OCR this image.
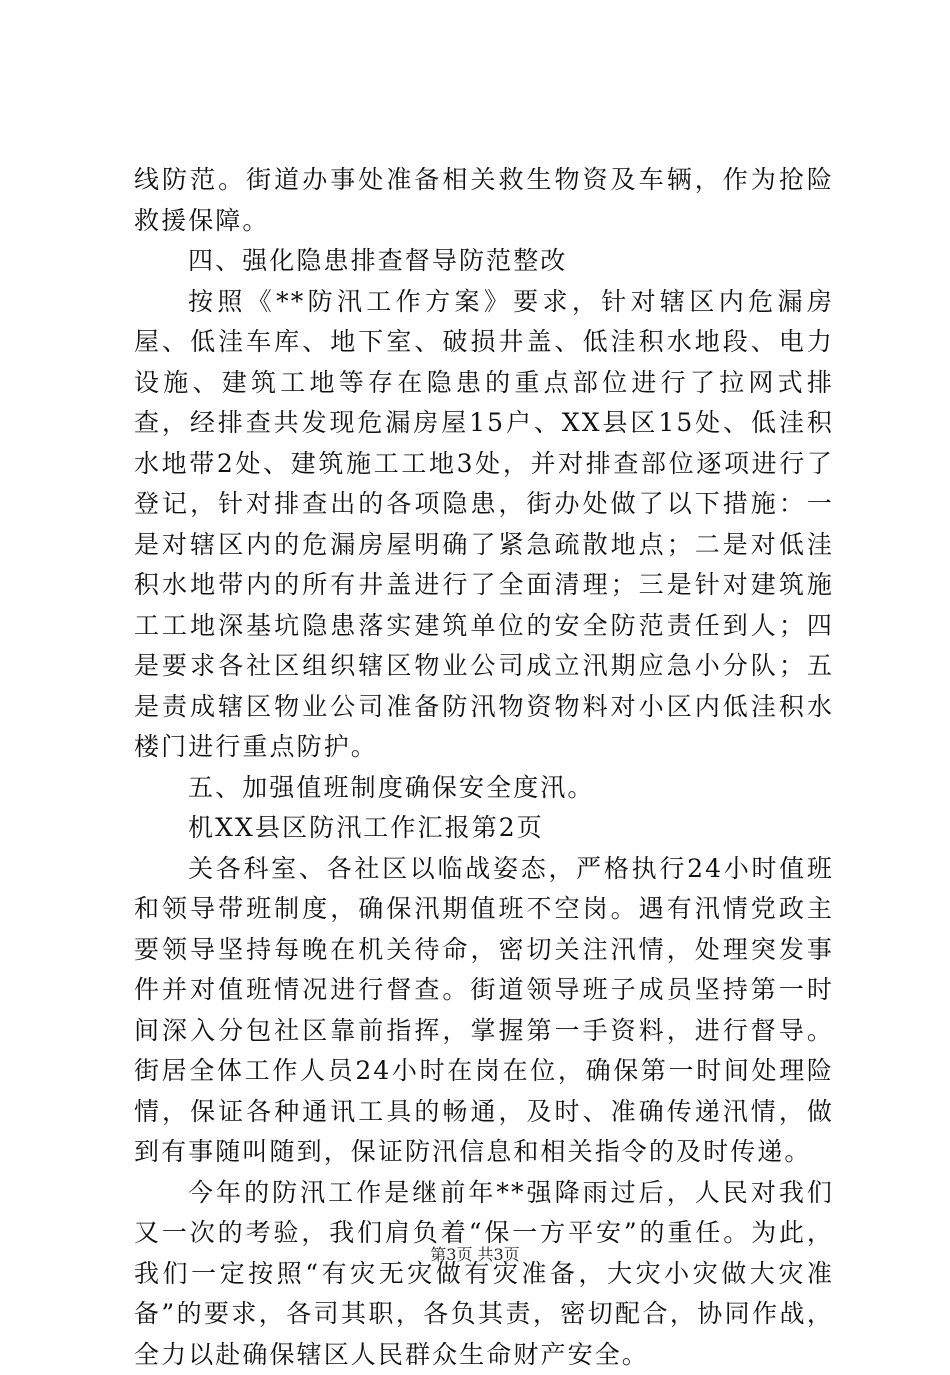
线防范。街道办事处准备相关救生物资及车辆，作为抢险救援保障。

四、强化隐患排查督导防范整改

按照《**防汛工作方案》要求，针对辖区内危漏房屋、低洼车库、地下室、破损井盖、低洼积水地段、电力设施、建筑工地等存在隐患的重点部位进行了拉网式排查，经排查共发现危漏房屋15户、XX县区15处、低洼积水地带2处、建筑施工工地3处，并对排查部位逐项进行了登记，针对排查出的各项隐患，街办处做了以下措施：一是对辖区内的危漏房屋明确了紧急疏散地点；二是对低洼积水地带内的所有井盖进行了全面清理；三是针对建筑施工工地深基坑隐患落实建筑单位的安全防范责任到人；四是要求各社区组织辖区物业公司成立汛期应急小分队；五是责成辖区物业公司准备防汛物资物料对小区内低洼积水楼门进行重点防护。

五、加强值班制度确保安全度汛。

机XX县区防汛工作汇报第2页

关各科室、各社区以临战姿态，严格执行24小时值班和领导带班制度，确保汛期值班不空岗。遇有汛情党政主要领导坚持每晚在机关待命，密切关注汛情，处理突发事件并对值班情况进行督查。街道领导班子成员坚持第一时间深入分包社区靠前指挥，掌握第一手资料，进行督导。街居全体工作人员24小时在岗在位，确保第一时间处理险情，保证各种通讯工具的畅通，及时、准确传递汛情，做到有事随叫随到，保证防汛信息和相关指令的及时传递。

今年的防汛工作是继前年**强降雨过后，人民对我们又一次的考验，我们肩负着“保一方平安”的重任。为此，我们一定按照“有灾无灾做有灾准备，大灾小灾做大灾准备”的要求，各司其职，各负其责，密切配合，协同作战，全力以赴确保辖区人民群众生命财产安全。

第3页 共3页
